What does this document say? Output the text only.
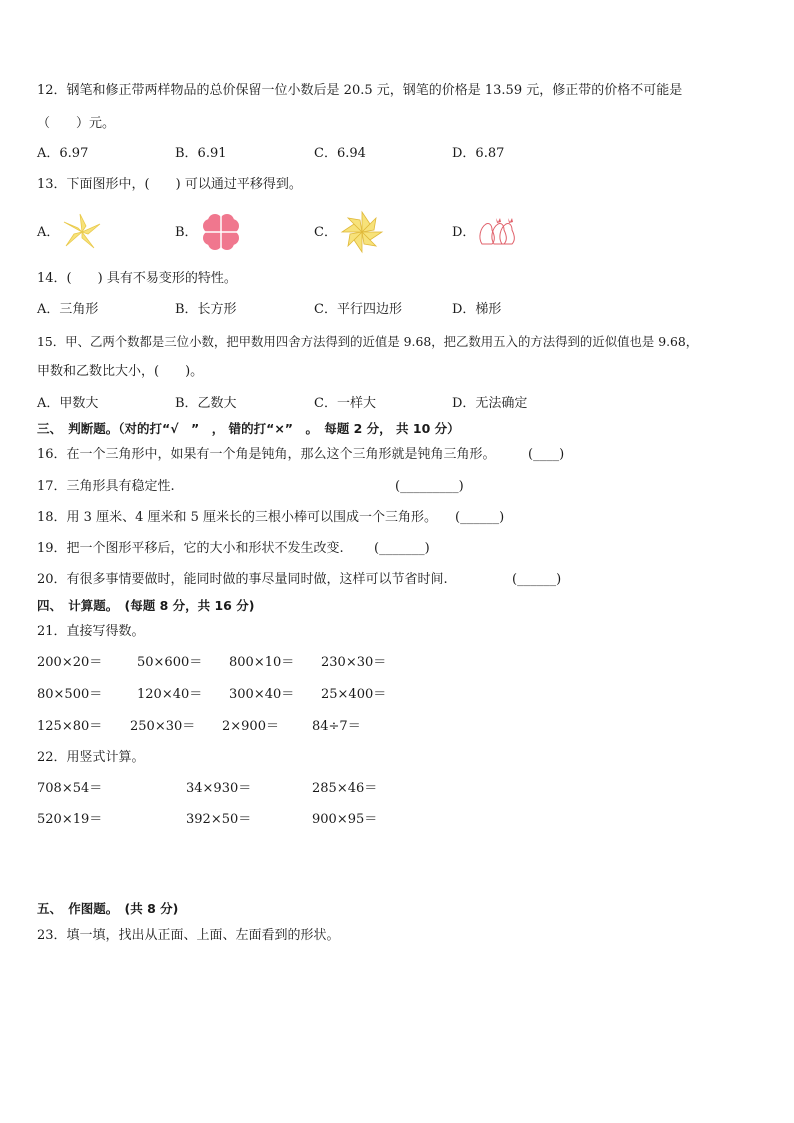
12．钢笔和修正带两样物品的总价保留一位小数后是 20.5 元，钢笔的价格是 13.59 元，修正带的价格不可能是
（　　）元。
A．6.97	B．6.91	C．6.94	D．6.87
13．下面图形中，(　　) 可以通过平移得到。
A．	B．	C．	D．
14．(　　) 具有不易变形的特性。
A．三角形	B．长方形	C．平行四边形	D．梯形
15．甲、乙两个数都是三位小数，把甲数用四舍方法得到的近值是 9.68，把乙数用五入的方法得到的近似值也是 9.68，
甲数和乙数比大小，(　　)。
A．甲数大	B．乙数大	C．一样大	D．无法确定
三、　判断题。（对的打“√　”　， 错的打“×”　。　每题 2 分， 共 10 分）
16．在一个三角形中，如果有一个角是钝角，那么这个三角形就是钝角三角形。 (____)
17．三角形具有稳定性.	(_________)
18．用 3 厘米、4 厘米和 5 厘米长的三根小棒可以围成一个三角形。 (______)
19．把一个图形平移后，它的大小和形状不发生改变. (_______)
20．有很多事情要做时，能同时做的事尽量同时做，这样可以节省时间.	(______)
四、　计算题。　(每题 8 分，共 16 分)
21．直接写得数。
200×20＝	50×600＝ 800×10＝ 230×30＝
80×500＝	120×40＝ 300×40＝ 25×400＝
125×80＝ 250×30＝ 2×900＝	84÷7＝
22．用竖式计算。
708×54＝	34×930＝	285×46＝
520×19＝	392×50＝	900×95＝
五、　作图题。　(共 8 分)
23．填一填，找出从正面、上面、左面看到的形状。
